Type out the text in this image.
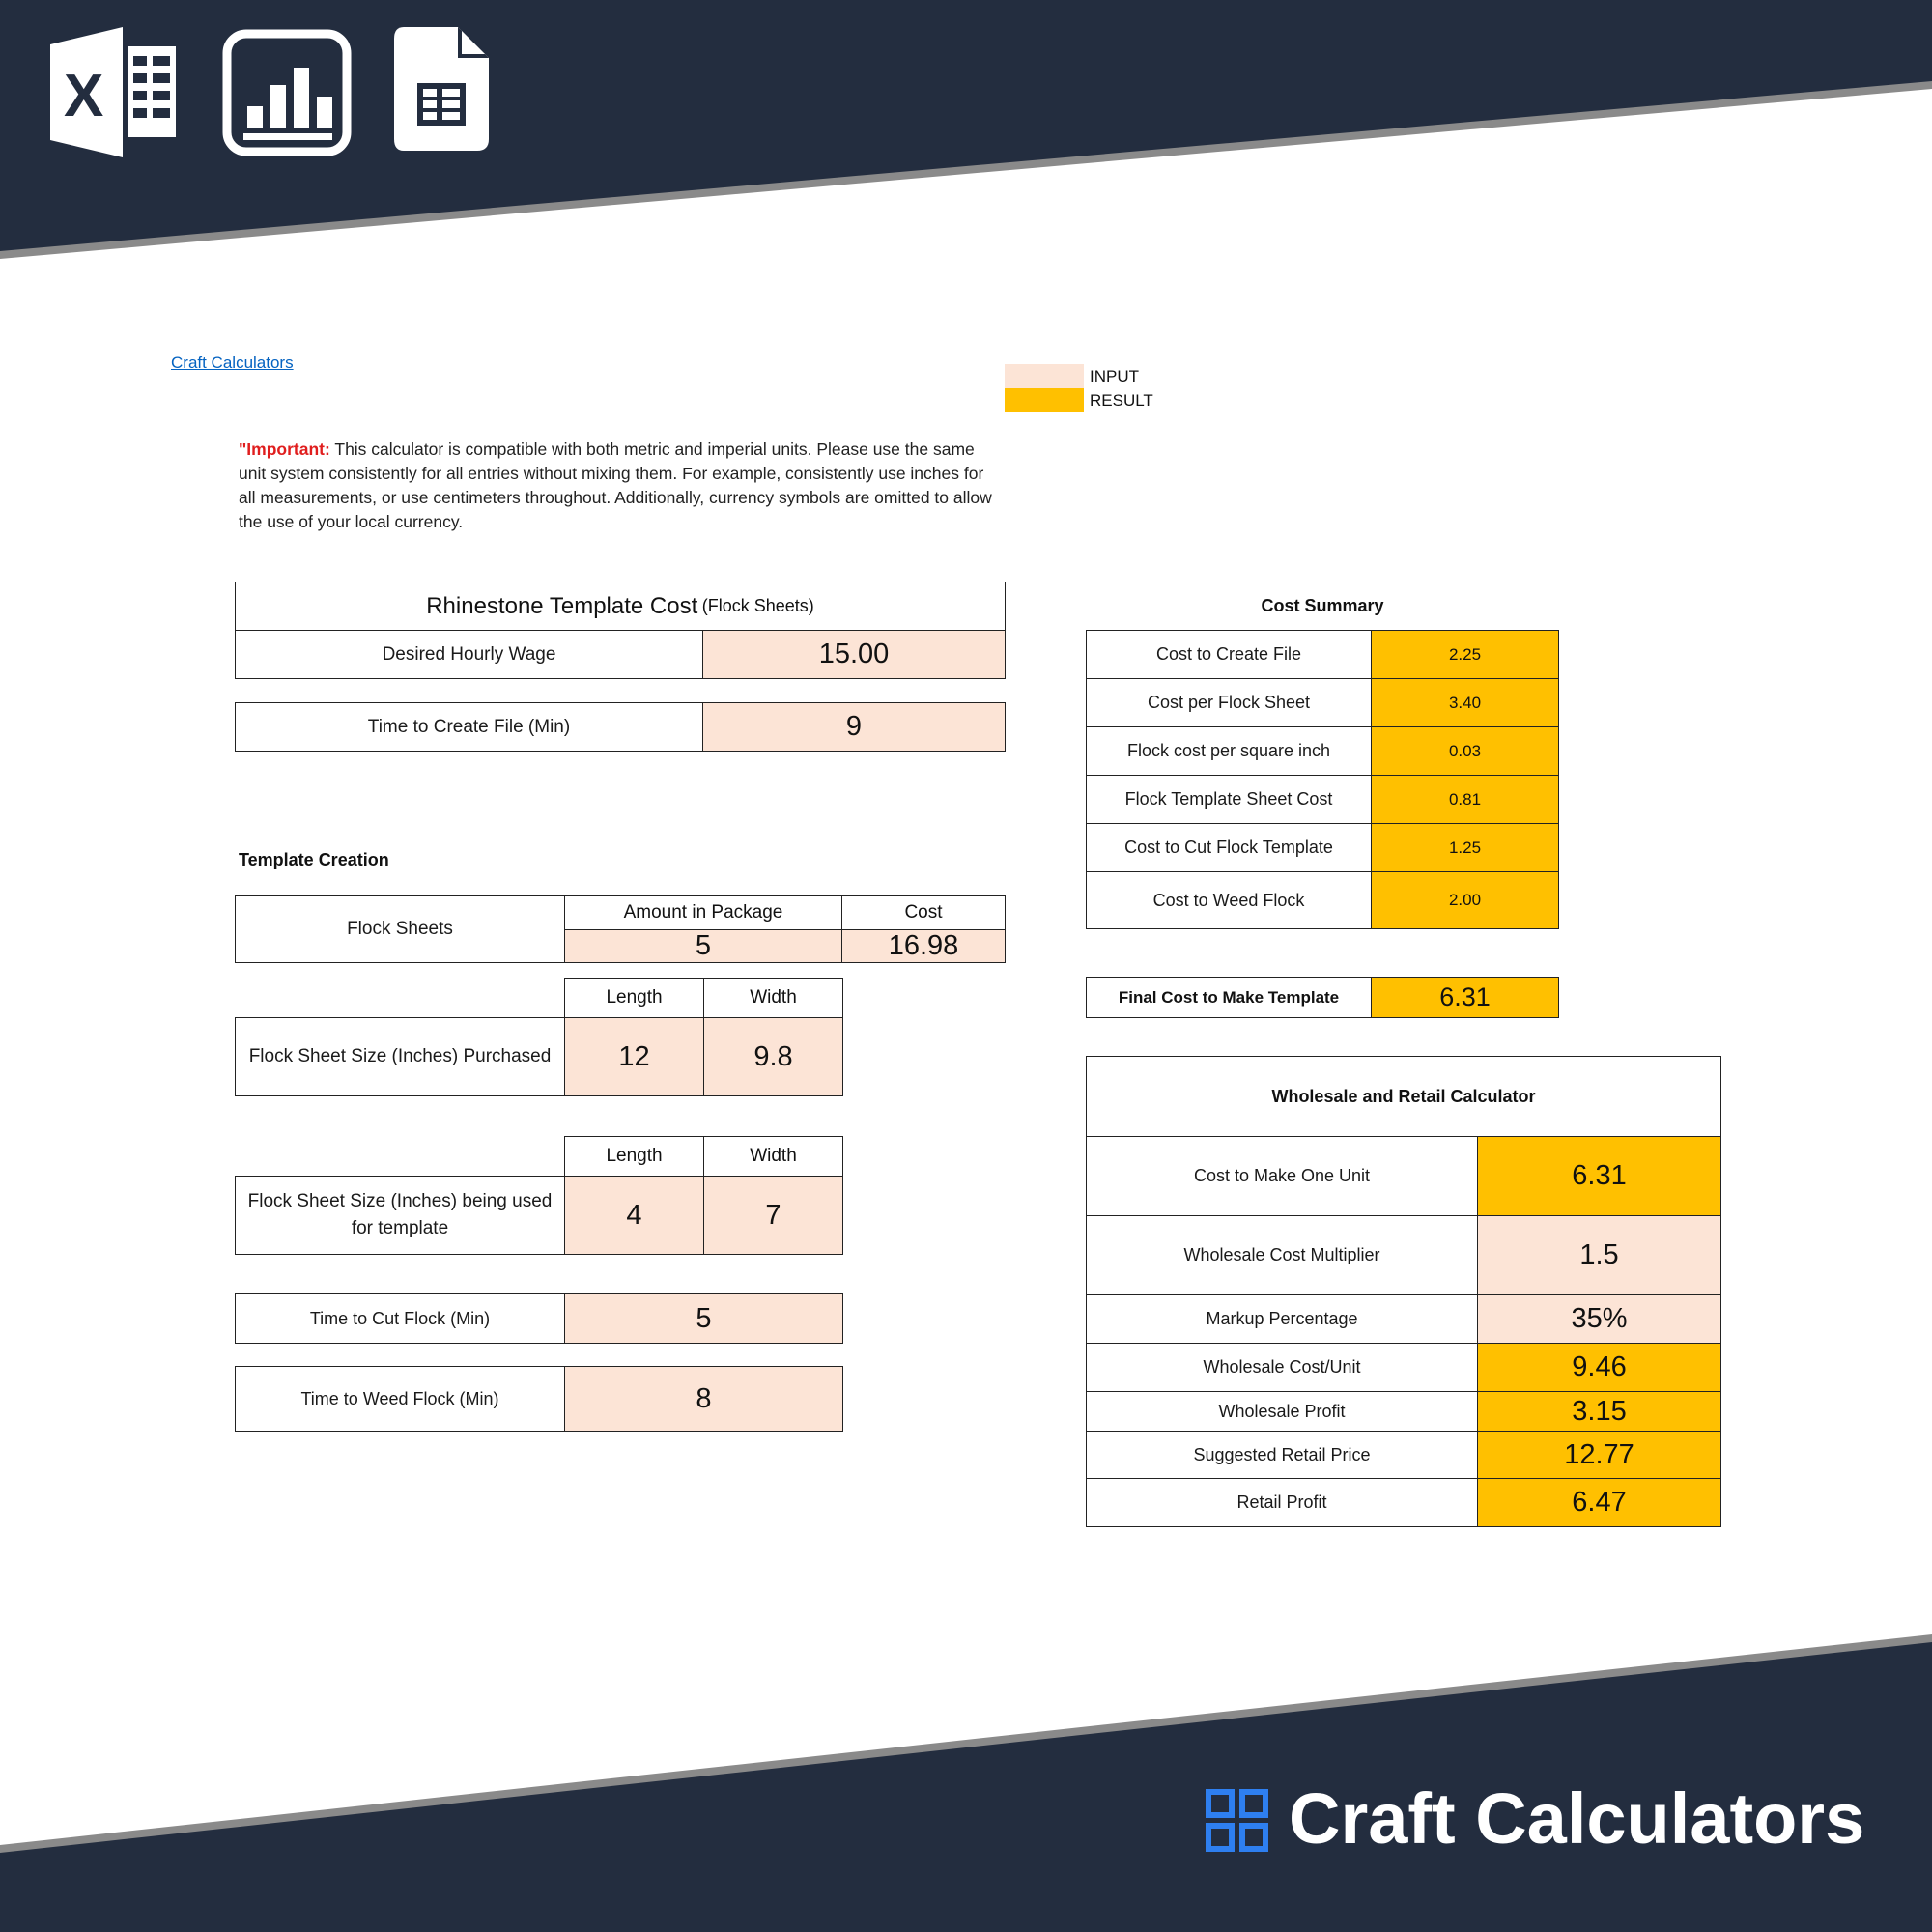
X
Craft Calculators
Craft Calculators
INPUT
RESULT
"Important: This calculator is compatible with both metric and imperial units. Please use the same unit system consistently for all entries without mixing them. For example, consistently use inches for all measurements, or use centimeters throughout. Additionally, currency symbols are omitted to allow the use of your local currency.
Rhinestone Template Cost
(Flock Sheets)
Desired Hourly Wage	15.00
Time to Create File (Min)	9
Template Creation
Flock Sheets
Amount in Package	Cost
5	16.98
Length	Width
Flock Sheet Size (Inches) Purchased	12	9.8
Length	Width
Flock Sheet Size (Inches) being used for template	4	7
Time to Cut Flock (Min)	5
Time to Weed Flock (Min)	8
Cost Summary
Cost to Create File	2.25
Cost per Flock Sheet	3.40
Flock cost per square inch	0.03
Flock Template Sheet Cost	0.81
Cost to Cut Flock Template	1.25
Cost to Weed Flock	2.00
Final Cost to Make Template	6.31
Wholesale and Retail Calculator
Cost to Make One Unit	6.31
Wholesale Cost Multiplier	1.5
Markup Percentage	35%
Wholesale Cost/Unit	9.46
Wholesale Profit	3.15
Suggested Retail Price	12.77
Retail Profit	6.47
